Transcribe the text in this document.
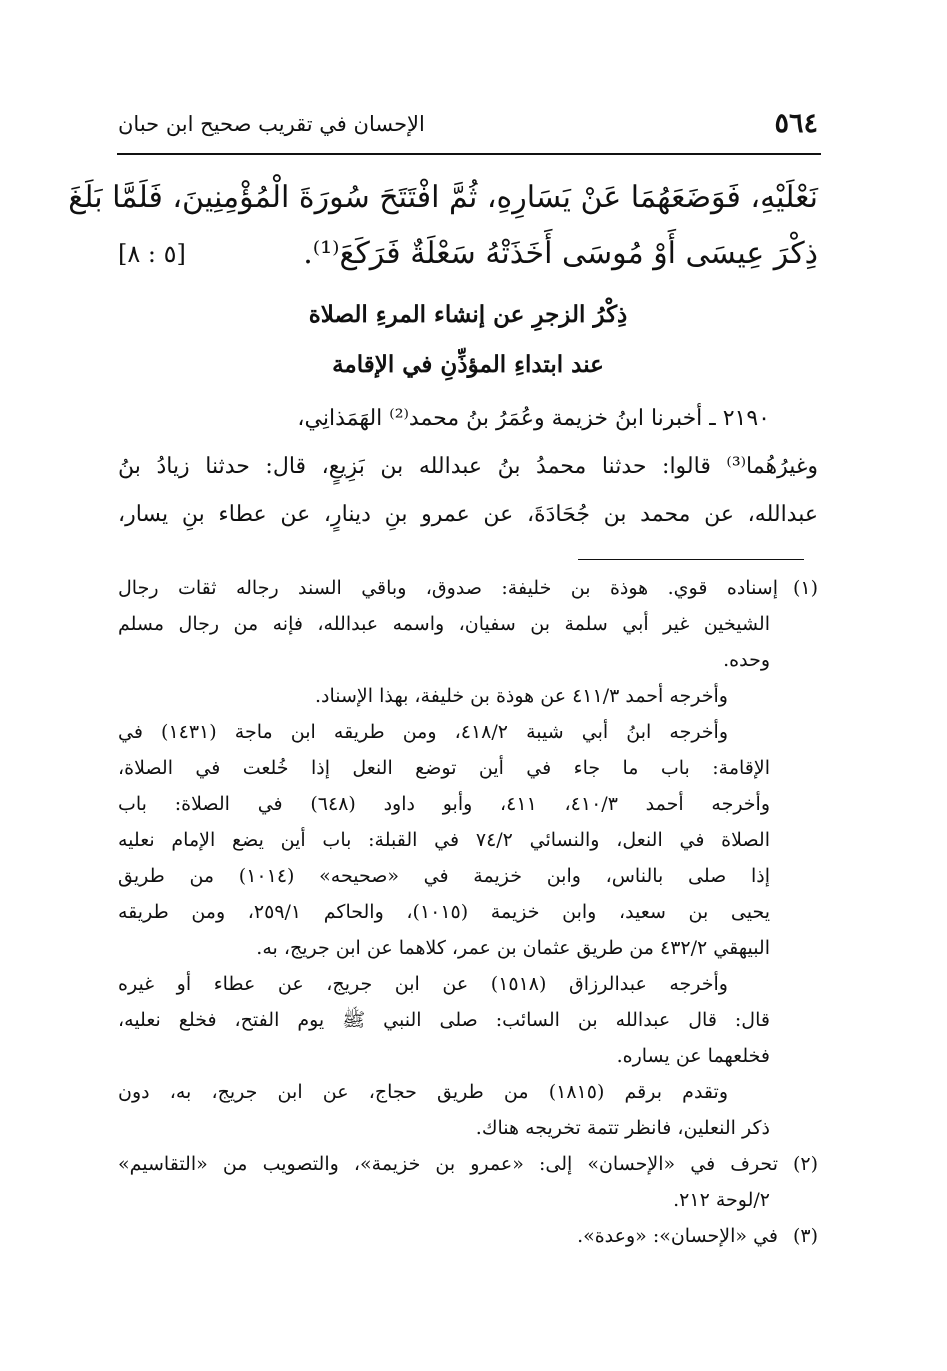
٥٦٤
الإحسان في تقريب صحيح ابن حبان
نَعْلَيْهِ، فَوَضَعَهُمَا عَنْ يَسَارِهِ، ثُمَّ افْتَتَحَ سُورَةَ الْمُؤْمِنِينَ، فَلَمَّا بَلَغَ
ذِكْرَ عِيسَى أَوْ مُوسَى أَخَذَتْهُ سَعْلَةٌ فَرَكَعَ⁽¹⁾.
[٥ : ٨]
ذِكْرُ الزجرِ عن إنشاء المرءِ الصلاة
عند ابتداءِ المؤذِّنِ في الإقامة
٢١٩٠ ـ أخبرنا ابنُ خزيمة وعُمَرُ بنُ محمد⁽²⁾ الهَمَذانِي،
وغيرُهُما⁽³⁾ قالوا: حدثنا محمدُ بنُ عبدالله بن بَزِيعٍ، قال: حدثنا زيادُ بنُ
عبدالله، عن محمد بن جُحَادَةَ، عن عمرو بنِ دينارٍ، عن عطاء بنِ يسار،
(١)إسناده قوي. هوذة بن خليفة: صدوق، وباقي السند رجاله ثقات رجال
الشيخين غير أبي سلمة بن سفيان، واسمه عبدالله، فإنه من رجال مسلم
وحده.
وأخرجه أحمد ٤١١/٣ عن هوذة بن خليفة، بهذا الإسناد.
وأخرجه ابنُ أبي شيبة ٤١٨/٢، ومن طريقه ابن ماجة (١٤٣١) في
الإقامة: باب ما جاء في أين توضع النعل إذا خُلعت في الصلاة،
وأخرجه أحمد ٤١٠/٣، ٤١١، وأبو داود (٦٤٨) في الصلاة: باب
الصلاة في النعل، والنسائي ٧٤/٢ في القبلة: باب أين يضع الإمام نعليه
إذا صلى بالناس، وابن خزيمة في «صحيحه» (١٠١٤) من طريق
يحيى بن سعيد، وابن خزيمة (١٠١٥)، والحاكم ٢٥٩/١، ومن طريقه
البيهقي ٤٣٢/٢ من طريق عثمان بن عمر، كلاهما عن ابن جريج، به.
وأخرجه عبدالرزاق (١٥١٨) عن ابن جريج، عن عطاء أو غيره
قال: قال عبدالله بن السائب: صلى النبي ﷺ يوم الفتح، فخلع نعليه،
فخلعهما عن يساره.
وتقدم برقم (١٨١٥) من طريق حجاج، عن ابن جريج، به، دون
ذكر النعلين، فانظر تتمة تخريجه هناك.
(٢)تحرف في «الإحسان» إلى: «عمرو بن خزيمة»، والتصويب من «التقاسيم»
٢/لوحة ٢١٢.
(٣)في «الإحسان»: «وعدة».
